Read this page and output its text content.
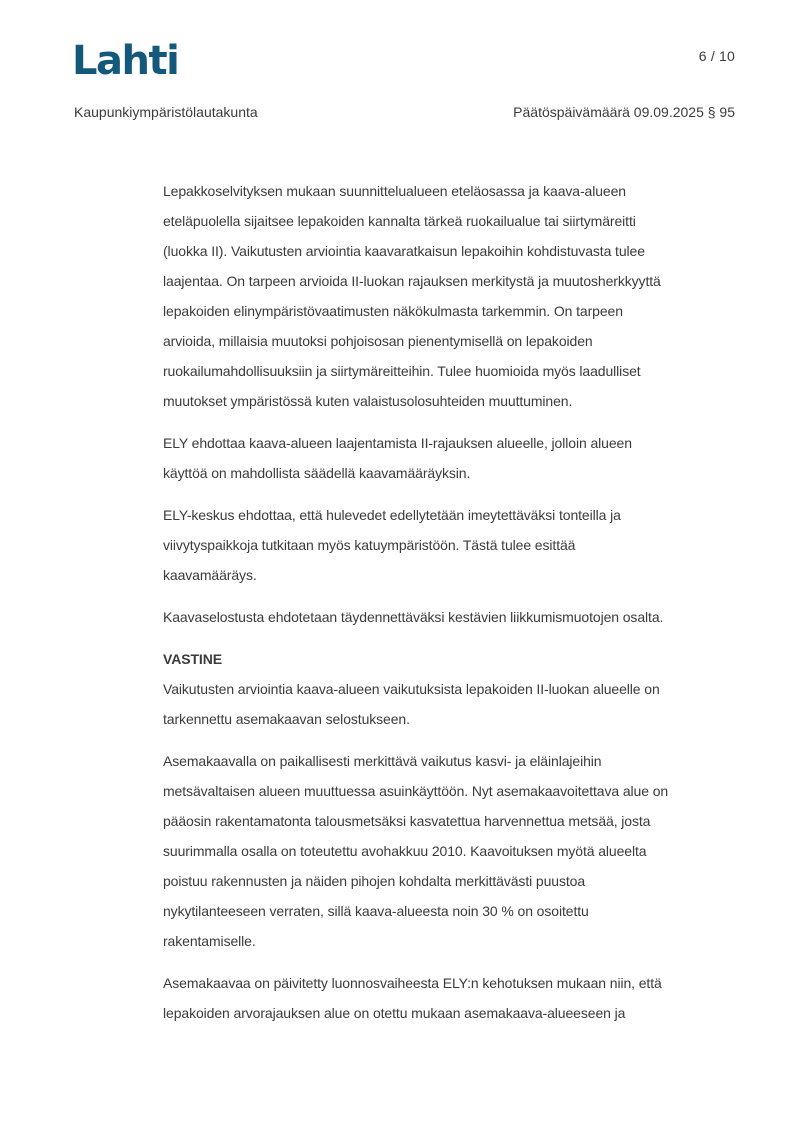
Lahti	6 / 10
Kaupunkiympäristölautakunta	Päätöspäivämäärä 09.09.2025 § 95
Lepakkoselvityksen mukaan suunnittelualueen eteläosassa ja kaava-alueen
eteläpuolella sijaitsee lepakoiden kannalta tärkeä ruokailualue tai siirtymäreitti
(luokka II). Vaikutusten arviointia kaavaratkaisun lepakoihin kohdistuvasta tulee
laajentaa. On tarpeen arvioida II-luokan rajauksen merkitystä ja muutosherkkyyttä
lepakoiden elinympäristövaatimusten näkökulmasta tarkemmin. On tarpeen
arvioida, millaisia muutoksi pohjoisosan pienentymisellä on lepakoiden
ruokailumahdollisuuksiin ja siirtymäreitteihin. Tulee huomioida myös laadulliset
muutokset ympäristössä kuten valaistusolosuhteiden muuttuminen.
ELY ehdottaa kaava-alueen laajentamista II-rajauksen alueelle, jolloin alueen
käyttöä on mahdollista säädellä kaavamääräyksin.
ELY-keskus ehdottaa, että hulevedet edellytetään imeytettäväksi tonteilla ja
viivytyspaikkoja tutkitaan myös katuympäristöön. Tästä tulee esittää
kaavamääräys.
Kaavaselostusta ehdotetaan täydennettäväksi kestävien liikkumismuotojen osalta.
VASTINE
Vaikutusten arviointia kaava-alueen vaikutuksista lepakoiden II-luokan alueelle on
tarkennettu asemakaavan selostukseen.
Asemakaavalla on paikallisesti merkittävä vaikutus kasvi- ja eläinlajeihin
metsävaltaisen alueen muuttuessa asuinkäyttöön. Nyt asemakaavoitettava alue on
pääosin rakentamatonta talousmetsäksi kasvatettua harvennettua metsää, josta
suurimmalla osalla on toteutettu avohakkuu 2010. Kaavoituksen myötä alueelta
poistuu rakennusten ja näiden pihojen kohdalta merkittävästi puustoa
nykytilanteeseen verraten, sillä kaava-alueesta noin 30 % on osoitettu
rakentamiselle.
Asemakaavaa on päivitetty luonnosvaiheesta ELY:n kehotuksen mukaan niin, että
lepakoiden arvorajauksen alue on otettu mukaan asemakaava-alueeseen ja
